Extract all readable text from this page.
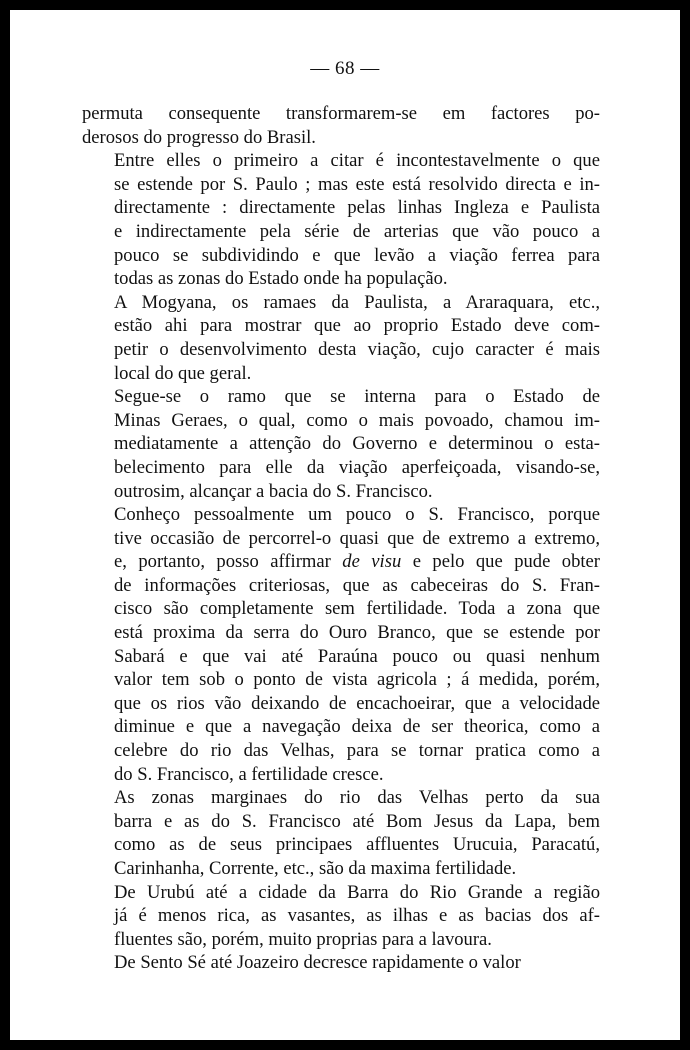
— 68 —
permuta consequente transformarem-se em factores po-
derosos do progresso do Brasil.
Entre elles o primeiro a citar é incontestavelmente o que
se estende por S. Paulo ; mas este está resolvido directa e in-
directamente : directamente pelas linhas Ingleza e Paulista
e indirectamente pela série de arterias que vão pouco a
pouco se subdividindo e que levão a viação ferrea para
todas as zonas do Estado onde ha população.
A Mogyana, os ramaes da Paulista, a Araraquara, etc.,
estão ahi para mostrar que ao proprio Estado deve com-
petir o desenvolvimento desta viação, cujo caracter é mais
local do que geral.
Segue-se o ramo que se interna para o Estado de
Minas Geraes, o qual, como o mais povoado, chamou im-
mediatamente a attenção do Governo e determinou o esta-
belecimento para elle da viação aperfeiçoada, visando-se,
outrosim, alcançar a bacia do S. Francisco.
Conheço pessoalmente um pouco o S. Francisco, porque
tive occasião de percorrel-o quasi que de extremo a extremo,
e, portanto, posso affirmar de visu e pelo que pude obter
de informações criteriosas, que as cabeceiras do S. Fran-
cisco são completamente sem fertilidade. Toda a zona que
está proxima da serra do Ouro Branco, que se estende por
Sabará e que vai até Paraúna pouco ou quasi nenhum
valor tem sob o ponto de vista agricola ; á medida, porém,
que os rios vão deixando de encachoeirar, que a velocidade
diminue e que a navegação deixa de ser theorica, como a
celebre do rio das Velhas, para se tornar pratica como a
do S. Francisco, a fertilidade cresce.
As zonas marginaes do rio das Velhas perto da sua
barra e as do S. Francisco até Bom Jesus da Lapa, bem
como as de seus principaes affluentes Urucuia, Paracatú,
Carinhanha, Corrente, etc., são da maxima fertilidade.
De Urubú até a cidade da Barra do Rio Grande a região
já é menos rica, as vasantes, as ilhas e as bacias dos af-
fluentes são, porém, muito proprias para a lavoura.
De Sento Sé até Joazeiro decresce rapidamente o valor
